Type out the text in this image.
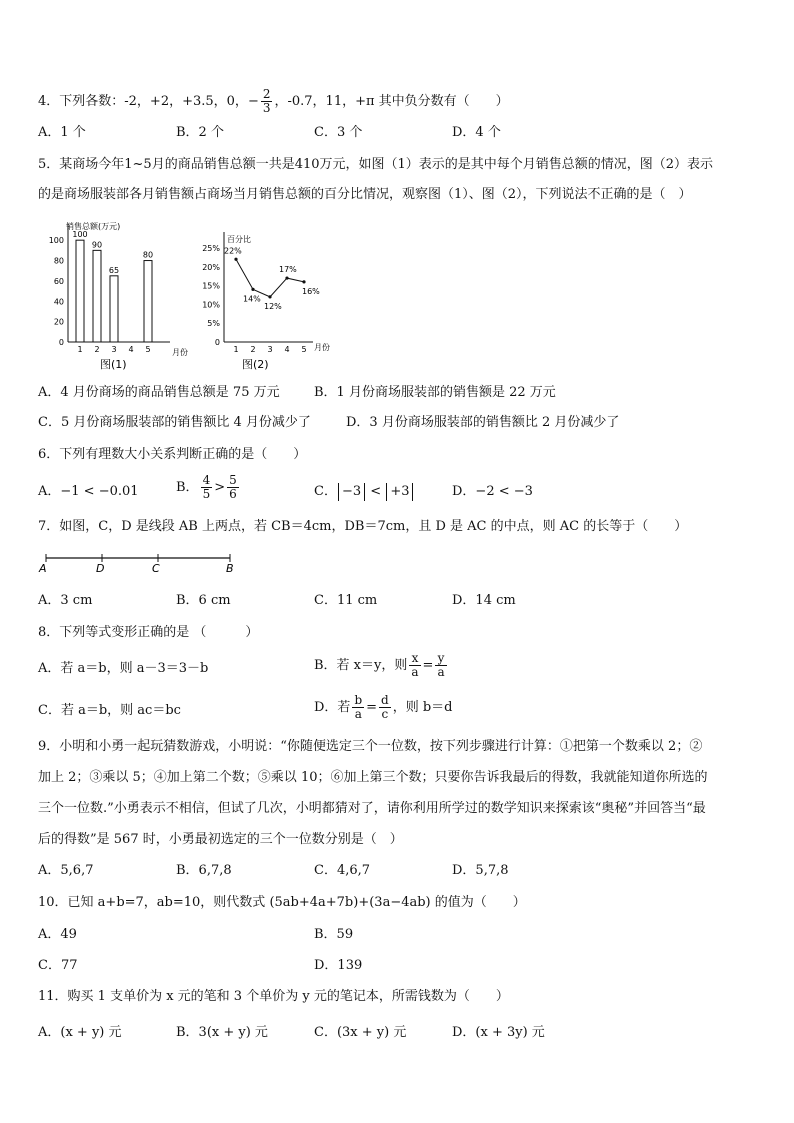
4．下列各数：-2，+2，+3.5，0，− $\frac{2}{3}$ ，-0.7，11，+π 其中负分数有（　　）
A．1 个	B．2 个	C．3 个	D．4 个
5．某商场今年1~5月的商品销售总额一共是410万元，如图（1）表示的是其中每个月销售总额的情况，图（2）表示
的是商场服装部各月销售额占商场当月销售总额的百分比情况，观察图（1）、图（2），下列说法不正确的是（　）
销售总额(万元)
月份
图(1)
100
80
60
40
20
0
1
100
2
90
3
65
4 5
80
百分比
月份
图(2)
25%
20%
15%
10%
5%
0
1
22%
2
14%
3
12%
4
17%
5
16%
A．4 月份商场的商品销售总额是 75 万元	B．1 月份商场服装部的销售额是 22 万元
C．5 月份商场服装部的销售额比 4 月份减少了	D．3 月份商场服装部的销售额比 2 月份减少了
6．下列有理数大小关系判断正确的是（　　）
A．−1 < −0.01	B． $\frac{4}{5} > \frac{5}{6}$	C． −3 < +3	D．−2 < −3
7．如图，C，D 是线段 AB 上两点，若 CB＝4cm，DB＝7cm，且 D 是 AC 的中点，则 AC 的长等于（　　）
A	D	C	B
A．3 cm	B．6 cm	C．11 cm	D．14 cm
8．下列等式变形正确的是 （　　　）
A．若 a＝b，则 a－3＝3－b	B．若 x＝y，则 $\frac{x}{a} = \frac{y}{a}$
C．若 a＝b，则 ac＝bc	D．若 $\frac{b}{a} = \frac{d}{c}$ ，则 b＝d
9．小明和小勇一起玩猜数游戏，小明说：“你随便选定三个一位数，按下列步骤进行计算：①把第一个数乘以 2；②
加上 2；③乘以 5；④加上第二个数；⑤乘以 10；⑥加上第三个数；只要你告诉我最后的得数，我就能知道你所选的
三个一位数.”小勇表示不相信，但试了几次，小明都猜对了，请你利用所学过的数学知识来探索该“奥秘”并回答当“最
后的得数”是 567 时，小勇最初选定的三个一位数分别是（　）
A．5,6,7	B．6,7,8	C．4,6,7	D．5,7,8
10．已知 a+b=7，ab=10，则代数式 (5ab+4a+7b)+(3a−4ab) 的值为（　　）
A．49	B．59
C．77	D．139
11．购买 1 支单价为 x 元的笔和 3 个单价为 y 元的笔记本，所需钱数为（　　）
A．(x + y) 元	B．3(x + y) 元	C．(3x + y) 元	D．(x + 3y) 元
